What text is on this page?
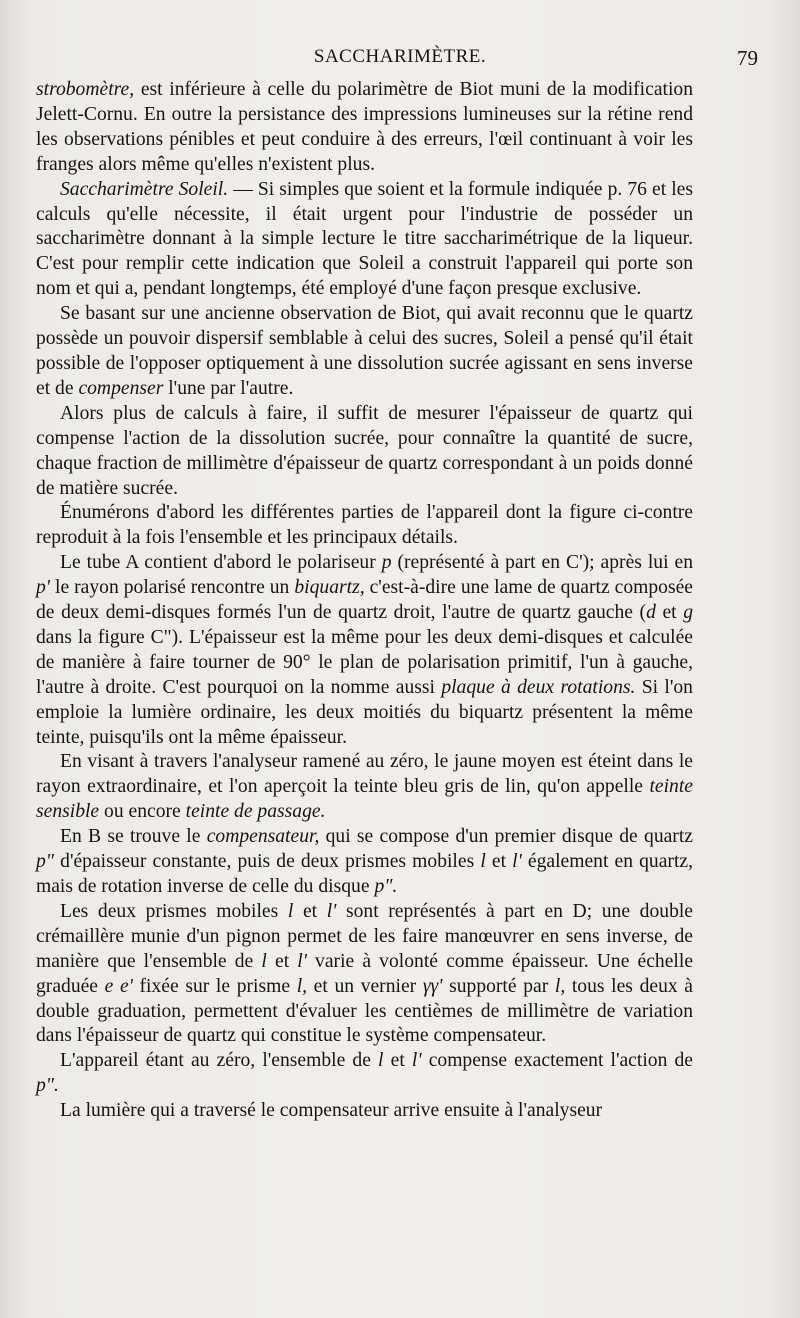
SACCHARIMÈTRE.	79

strobomètre, est inférieure à celle du polarimètre de Biot muni de la modification Jelett-Cornu. En outre la persistance des impressions lumineuses sur la rétine rend les observations pénibles et peut conduire à des erreurs, l'œil continuant à voir les franges alors même qu'elles n'existent plus.

Saccharimètre Soleil. — Si simples que soient et la formule indiquée p. 76 et les calculs qu'elle nécessite, il était urgent pour l'industrie de posséder un saccharimètre donnant à la simple lecture le titre saccharimétrique de la liqueur. C'est pour remplir cette indication que Soleil a construit l'appareil qui porte son nom et qui a, pendant longtemps, été employé d'une façon presque exclusive.

Se basant sur une ancienne observation de Biot, qui avait reconnu que le quartz possède un pouvoir dispersif semblable à celui des sucres, Soleil a pensé qu'il était possible de l'opposer optiquement à une dissolution sucrée agissant en sens inverse et de compenser l'une par l'autre.

Alors plus de calculs à faire, il suffit de mesurer l'épaisseur de quartz qui compense l'action de la dissolution sucrée, pour connaître la quantité de sucre, chaque fraction de millimètre d'épaisseur de quartz correspondant à un poids donné de matière sucrée.

Énumérons d'abord les différentes parties de l'appareil dont la figure ci-contre reproduit à la fois l'ensemble et les principaux détails.

Le tube A contient d'abord le polariseur p (représenté à part en C'); après lui en p' le rayon polarisé rencontre un biquartz, c'est-à-dire une lame de quartz composée de deux demi-disques formés l'un de quartz droit, l'autre de quartz gauche (d et g dans la figure C"). L'épaisseur est la même pour les deux demi-disques et calculée de manière à faire tourner de 90° le plan de polarisation primitif, l'un à gauche, l'autre à droite. C'est pourquoi on la nomme aussi plaque à deux rotations. Si l'on emploie la lumière ordinaire, les deux moitiés du biquartz présentent la même teinte, puisqu'ils ont la même épaisseur.

En visant à travers l'analyseur ramené au zéro, le jaune moyen est éteint dans le rayon extraordinaire, et l'on aperçoit la teinte bleu gris de lin, qu'on appelle teinte sensible ou encore teinte de passage.

En B se trouve le compensateur, qui se compose d'un premier disque de quartz p" d'épaisseur constante, puis de deux prismes mobiles l et l' également en quartz, mais de rotation inverse de celle du disque p".

Les deux prismes mobiles l et l' sont représentés à part en D; une double crémaillère munie d'un pignon permet de les faire manœuvrer en sens inverse, de manière que l'ensemble de l et l' varie à volonté comme épaisseur. Une échelle graduée e e' fixée sur le prisme l, et un vernier γγ' supporté par l, tous les deux à double graduation, permettent d'évaluer les centièmes de millimètre de variation dans l'épaisseur de quartz qui constitue le système compensateur.

L'appareil étant au zéro, l'ensemble de l et l' compense exactement l'action de p".

La lumière qui a traversé le compensateur arrive ensuite à l'analyseur
